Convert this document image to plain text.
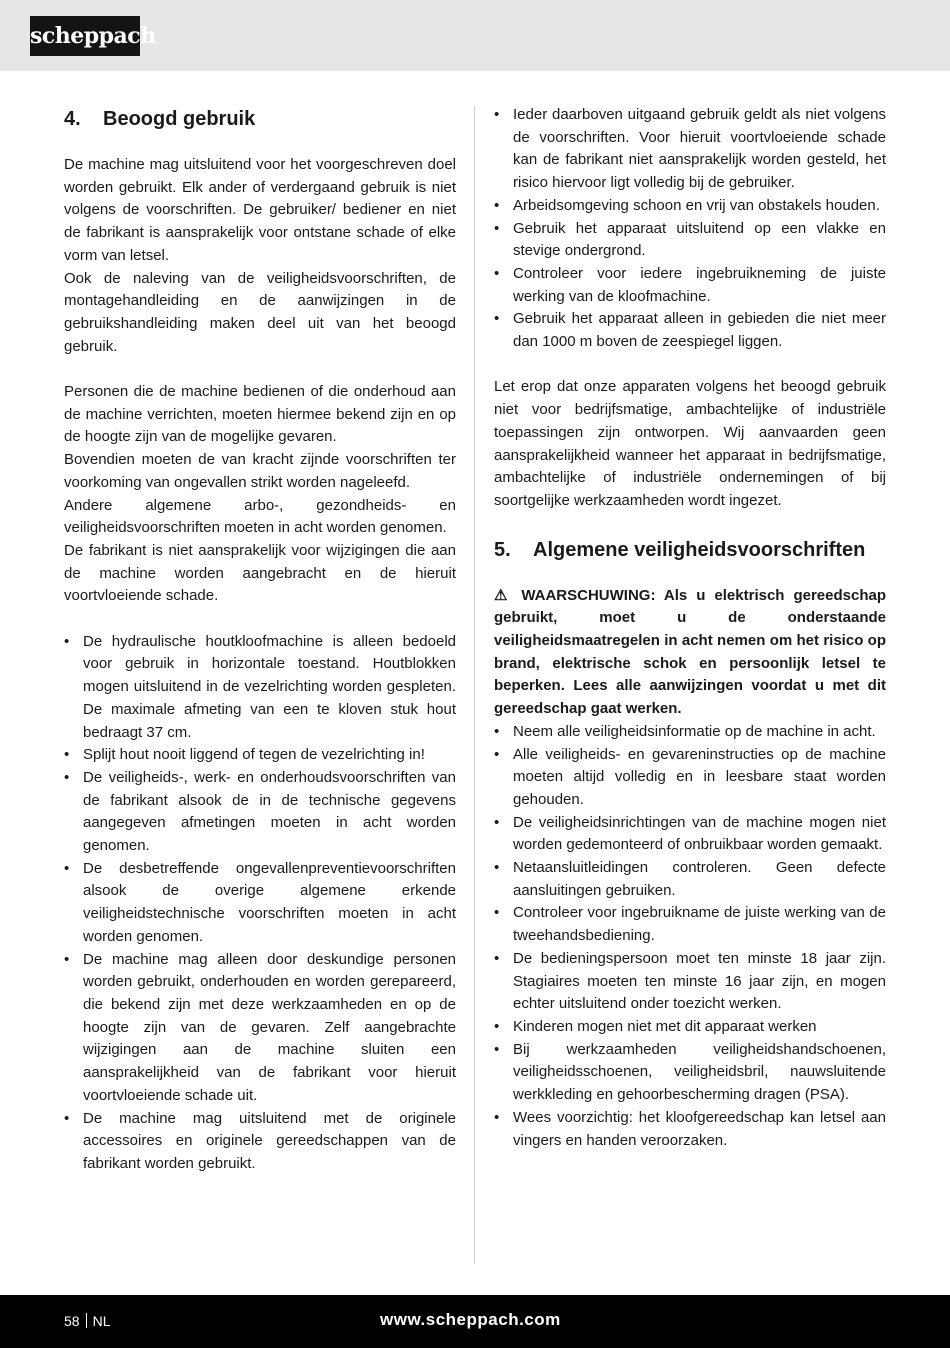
scheppach
4. Beoogd gebruik

De machine mag uitsluitend voor het voorgeschreven doel worden gebruikt. Elk ander of verdergaand gebruik is niet volgens de voorschriften. De gebruiker/ bediener en niet de fabrikant is aansprakelijk voor ontstane schade of elke vorm van letsel.

Ook de naleving van de veiligheidsvoorschriften, de montagehandleiding en de aanwijzingen in de gebruikshandleiding maken deel uit van het beoogd gebruik.

Personen die de machine bedienen of die onderhoud aan de machine verrichten, moeten hiermee bekend zijn en op de hoogte zijn van de mogelijke gevaren.

Bovendien moeten de van kracht zijnde voorschriften ter voorkoming van ongevallen strikt worden nageleefd.

Andere algemene arbo-, gezondheids- en veiligheidsvoorschriften moeten in acht worden genomen.

De fabrikant is niet aansprakelijk voor wijzigingen die aan de machine worden aangebracht en de hieruit voortvloeiende schade.

• De hydraulische houtkloofmachine is alleen bedoeld voor gebruik in horizontale toestand. Houtblokken mogen uitsluitend in de vezelrichting worden gespleten. De maximale afmeting van een te kloven stuk hout bedraagt 37 cm.
• Splijt hout nooit liggend of tegen de vezelrichting in!
• De veiligheids-, werk- en onderhoudsvoorschriften van de fabrikant alsook de in de technische gegevens aangegeven afmetingen moeten in acht worden genomen.
• De desbetreffende ongevallenpreventievoorschriften alsook de overige algemene erkende veiligheidstechnische voorschriften moeten in acht worden genomen.
• De machine mag alleen door deskundige personen worden gebruikt, onderhouden en worden gerepareerd, die bekend zijn met deze werkzaamheden en op de hoogte zijn van de gevaren. Zelf aangebrachte wijzigingen aan de machine sluiten een aansprakelijkheid van de fabrikant voor hieruit voortvloeiende schade uit.
• De machine mag uitsluitend met de originele accessoires en originele gereedschappen van de fabrikant worden gebruikt.
• Ieder daarboven uitgaand gebruik geldt als niet volgens de voorschriften. Voor hieruit voortvloeiende schade kan de fabrikant niet aansprakelijk worden gesteld, het risico hiervoor ligt volledig bij de gebruiker.
• Arbeidsomgeving schoon en vrij van obstakels houden.
• Gebruik het apparaat uitsluitend op een vlakke en stevige ondergrond.
• Controleer voor iedere ingebruikneming de juiste werking van de kloofmachine.
• Gebruik het apparaat alleen in gebieden die niet meer dan 1000 m boven de zeespiegel liggen.

Let erop dat onze apparaten volgens het beoogd gebruik niet voor bedrijfsmatige, ambachtelijke of industriële toepassingen zijn ontworpen. Wij aanvaarden geen aansprakelijkheid wanneer het apparaat in bedrijfsmatige, ambachtelijke of industriële ondernemingen of bij soortgelijke werkzaamheden wordt ingezet.

5. Algemene veiligheidsvoorschriften

⚠ WAARSCHUWING: Als u elektrisch gereedschap gebruikt, moet u de onderstaande veiligheidsmaatregelen in acht nemen om het risico op brand, elektrische schok en persoonlijk letsel te beperken. Lees alle aanwijzingen voordat u met dit gereedschap gaat werken.

• Neem alle veiligheidsinformatie op de machine in acht.
• Alle veiligheids- en gevareninstructies op de machine moeten altijd volledig en in leesbare staat worden gehouden.
• De veiligheidsinrichtingen van de machine mogen niet worden gedemonteerd of onbruikbaar worden gemaakt.
• Netaansluitleidingen controleren. Geen defecte aansluitingen gebruiken.
• Controleer voor ingebruikname de juiste werking van de tweehandsbediening.
• De bedieningspersoon moet ten minste 18 jaar zijn. Stagiaires moeten ten minste 16 jaar zijn, en mogen echter uitsluitend onder toezicht werken.
• Kinderen mogen niet met dit apparaat werken
• Bij werkzaamheden veiligheidshandschoenen, veiligheidsschoenen, veiligheidsbril, nauwsluitende werkkleding en gehoorbescherming dragen (PSA).
• Wees voorzichtig: het kloofgereedschap kan letsel aan vingers en handen veroorzaken.
58 NL	www.scheppach.com
